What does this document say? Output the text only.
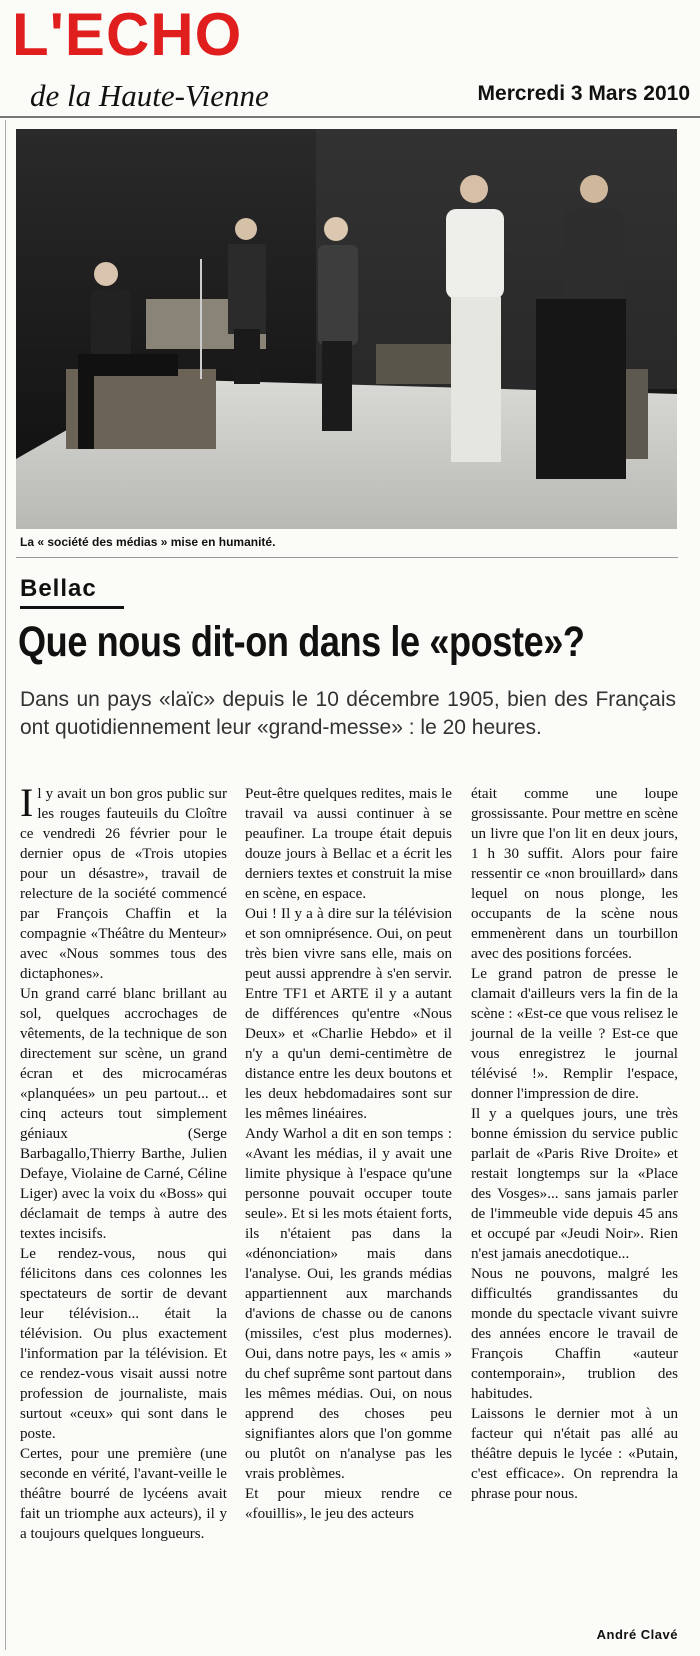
L'ECHO
de la Haute-Vienne	Mercredi 3 Mars 2010
La « société des médias » mise en humanité.
Bellac
Que nous dit-on dans le «poste»?
Dans un pays «laïc» depuis le 10 décembre 1905, bien des Français ont quotidiennement leur «grand-messe» : le 20 heures.

Il y avait un bon gros public sur les rouges fauteuils du Cloître ce vendredi 26 février pour le dernier opus de «Trois utopies pour un désastre», travail de relecture de la société commencé par François Chaffin et la compagnie «Théâtre du Menteur» avec «Nous sommes tous des dictaphones».

Un grand carré blanc brillant au sol, quelques accrochages de vêtements, de la technique de son directement sur scène, un grand écran et des microcaméras «planquées» un peu partout... et cinq acteurs tout simplement géniaux (Serge Barbagallo,Thierry Barthe, Julien Defaye, Violaine de Carné, Céline Liger) avec la voix du «Boss» qui déclamait de temps à autre des textes incisifs.

Le rendez-vous, nous qui félicitons dans ces colonnes les spectateurs de sortir de devant leur télévision... était la télévision. Ou plus exactement l'information par la télévision. Et ce rendez-vous visait aussi notre profession de journaliste, mais surtout «ceux» qui sont dans le poste.

Certes, pour une première (une seconde en vérité, l'avant-veille le théâtre bourré de lycéens avait fait un triomphe aux acteurs), il y a toujours quelques longueurs.

Peut-être quelques redites, mais le travail va aussi continuer à se peaufiner. La troupe était depuis douze jours à Bellac et a écrit les derniers textes et construit la mise en scène, en espace.

Oui ! Il y a à dire sur la télévision et son omniprésence. Oui, on peut très bien vivre sans elle, mais on peut aussi apprendre à s'en servir. Entre TF1 et ARTE il y a autant de différences qu'entre «Nous Deux» et «Charlie Hebdo» et il n'y a qu'un demi-centimètre de distance entre les deux boutons et les deux hebdomadaires sont sur les mêmes linéaires.

Andy Warhol a dit en son temps : «Avant les médias, il y avait une limite physique à l'espace qu'une personne pouvait occuper toute seule». Et si les mots étaient forts, ils n'étaient pas dans la «dénonciation» mais dans l'analyse. Oui, les grands médias appartiennent aux marchands d'avions de chasse ou de canons (missiles, c'est plus modernes). Oui, dans notre pays, les « amis » du chef suprême sont partout dans les mêmes médias. Oui, on nous apprend des choses peu signifiantes alors que l'on gomme ou plutôt on n'analyse pas les vrais problèmes.

Et pour mieux rendre ce «fouillis», le jeu des acteurs

était comme une loupe grossissante. Pour mettre en scène un livre que l'on lit en deux jours, 1 h 30 suffit. Alors pour faire ressentir ce «non brouillard» dans lequel on nous plonge, les occupants de la scène nous emmenèrent dans un tourbillon avec des positions forcées.

Le grand patron de presse le clamait d'ailleurs vers la fin de la scène : «Est-ce que vous relisez le journal de la veille ? Est-ce que vous enregistrez le journal télévisé !». Remplir l'espace, donner l'impression de dire.

Il y a quelques jours, une très bonne émission du service public parlait de «Paris Rive Droite» et restait longtemps sur la «Place des Vosges»... sans jamais parler de l'immeuble vide depuis 45 ans et occupé par «Jeudi Noir». Rien n'est jamais anecdotique...

Nous ne pouvons, malgré les difficultés grandissantes du monde du spectacle vivant suivre des années encore le travail de François Chaffin «auteur contemporain», trublion des habitudes.

Laissons le dernier mot à un facteur qui n'était pas allé au théâtre depuis le lycée : «Putain, c'est efficace». On reprendra la phrase pour nous.

André Clavé
